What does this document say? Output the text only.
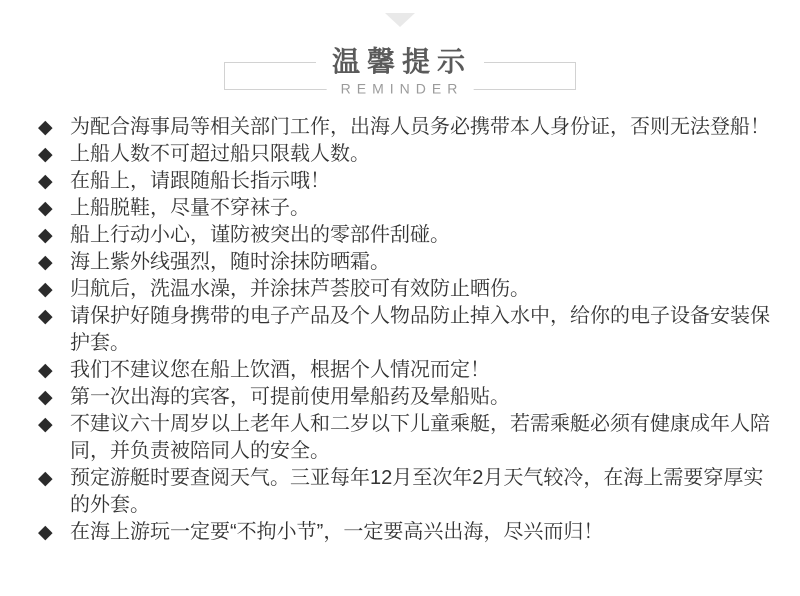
温馨提示
REMINDER
◆ 为配合海事局等相关部门工作，出海人员务必携带本人身份证，否则无法登船！
◆ 上船人数不可超过船只限载人数。
◆ 在船上，请跟随船长指示哦！
◆ 上船脱鞋，尽量不穿袜子。
◆ 船上行动小心，谨防被突出的零部件刮碰。
◆ 海上紫外线强烈，随时涂抹防晒霜。
◆ 归航后，洗温水澡，并涂抹芦荟胶可有效防止晒伤。
◆ 请保护好随身携带的电子产品及个人物品防止掉入水中，给你的电子设备安装保护套。
◆ 我们不建议您在船上饮酒，根据个人情况而定！
◆ 第一次出海的宾客，可提前使用晕船药及晕船贴。
◆ 不建议六十周岁以上老年人和二岁以下儿童乘艇，若需乘艇必须有健康成年人陪同，并负责被陪同人的安全。
◆ 预定游艇时要查阅天气。三亚每年12月至次年2月天气较冷，在海上需要穿厚实的外套。
◆ 在海上游玩一定要“不拘小节”，一定要高兴出海，尽兴而归！
